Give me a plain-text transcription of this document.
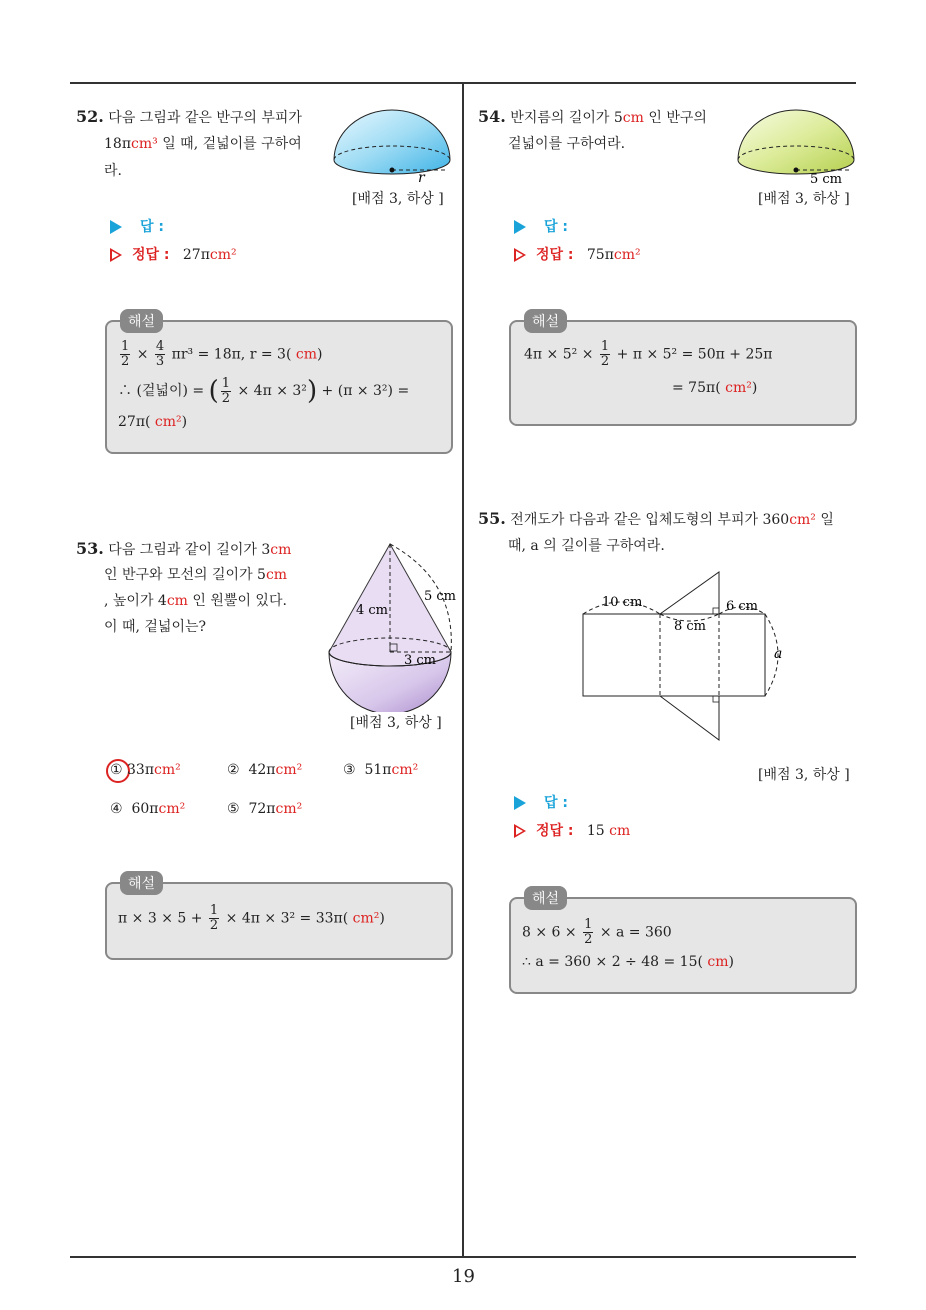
19
52. 다음 그림과 같은 반구의 부피가
18πcm³ 일 때, 겉넓이를 구하여
라.	r
[배점 3, 하상 ]
답 :
정답 : 27πcm²
해설
$\frac{1}{2} \times \frac{4}{3} \pi r^3 = 18\pi$, r = 3( cm)
∴ (겉넓이) = ( $\frac{1}{2} \times 4\pi \times 3^2) + (\pi \times 3^2)$ =
27π( cm²)
53. 다음 그림과 같이 길이가 3cm
인 반구와 모선의 길이가 5cm
, 높이가 4cm 인 원뿔이 있다.
이 때, 겉넓이는?
4 cm
5 cm
3 cm
[배점 3, 하상 ]
① 33πcm²	② 42πcm²	③ 51πcm²
④ 60πcm²	⑤ 72πcm²
해설
$\pi \times 3 \times 5 + \frac{1}{2} \times 4\pi \times 3^2 = 33\pi$( cm²)
54. 반지름의 길이가 5cm 인 반구의
겉넓이를 구하여라.
5 cm
[배점 3, 하상 ]
답 :
정답 : 75πcm²
해설
$4\pi \times 5^2 \times \frac{1}{2} + \pi \times 5^2 = 50\pi + 25\pi$
= 75π( cm²)
55. 전개도가 다음과 같은 입체도형의 부피가 360cm² 일
때, a 의 길이를 구하여라.
10 cm	6 cm
8 cm
a
[배점 3, 하상 ]
답 :
정답 : 15 cm
해설
$8 \times 6 \times \frac{1}{2} \times a = 360$
∴ a = 360 × 2 ÷ 48 = 15( cm)
